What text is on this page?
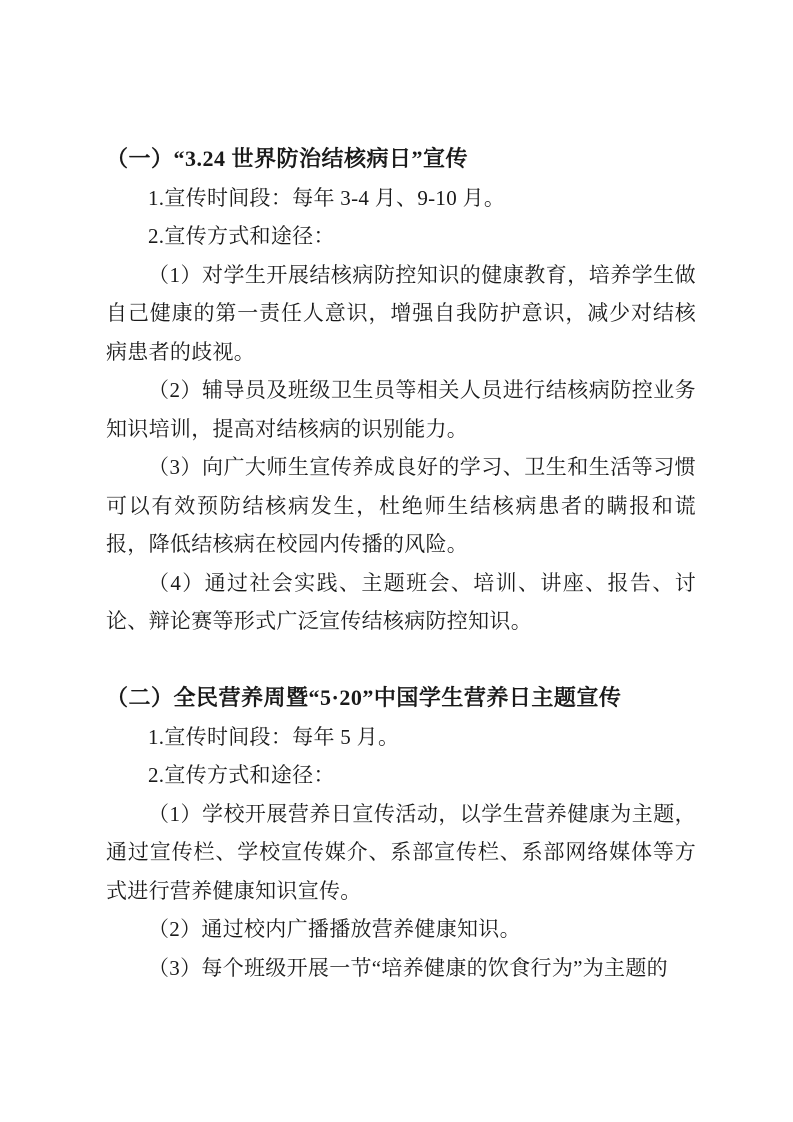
（一）“3.24 世界防治结核病日”宣传

1.宣传时间段：每年 3-4 月、9-10 月。

2.宣传方式和途径：

（1）对学生开展结核病防控知识的健康教育，培养学生做自己健康的第一责任人意识，增强自我防护意识，减少对结核病患者的歧视。

（2）辅导员及班级卫生员等相关人员进行结核病防控业务知识培训，提高对结核病的识别能力。

（3）向广大师生宣传养成良好的学习、卫生和生活等习惯可以有效预防结核病发生，杜绝师生结核病患者的瞒报和谎报，降低结核病在校园内传播的风险。

（4）通过社会实践、主题班会、培训、讲座、报告、讨论、辩论赛等形式广泛宣传结核病防控知识。

（二）全民营养周暨“5·20”中国学生营养日主题宣传

1.宣传时间段：每年 5 月。

2.宣传方式和途径：

（1）学校开展营养日宣传活动，以学生营养健康为主题，通过宣传栏、学校宣传媒介、系部宣传栏、系部网络媒体等方式进行营养健康知识宣传。

（2）通过校内广播播放营养健康知识。

（3）每个班级开展一节“培养健康的饮食行为”为主题的
